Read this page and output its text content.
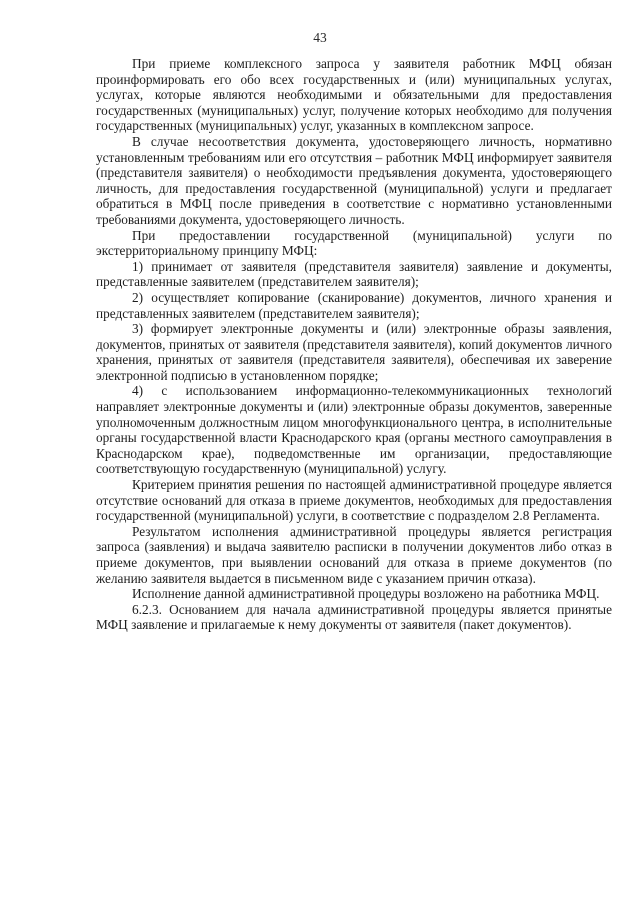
43

При приеме комплексного запроса у заявителя работник МФЦ обязан проинформировать его обо всех государственных и (или) муниципальных услугах, услугах, которые являются необходимыми и обязательными для предоставления государственных (муниципальных) услуг, получение которых необходимо для получения государственных (муниципальных) услуг, указанных в комплексном запросе.

В случае несоответствия документа, удостоверяющего личность, нормативно установленным требованиям или его отсутствия – работник МФЦ информирует заявителя (представителя заявителя) о необходимости предъявления документа, удостоверяющего личность, для предоставления государственной (муниципальной) услуги и предлагает обратиться в МФЦ после приведения в соответствие с нормативно установленными требованиями документа, удостоверяющего личность.

При предоставлении государственной (муниципальной) услуги по экстерриториальному принципу МФЦ:

1) принимает от заявителя (представителя заявителя) заявление и документы, представленные заявителем (представителем заявителя);

2) осуществляет копирование (сканирование) документов, личного хранения и представленных заявителем (представителем заявителя);

3) формирует электронные документы и (или) электронные образы заявления, документов, принятых от заявителя (представителя заявителя), копий документов личного хранения, принятых от заявителя (представителя заявителя), обеспечивая их заверение электронной подписью в установленном порядке;

4) с использованием информационно-телекоммуникационных технологий направляет электронные документы и (или) электронные образы документов, заверенные уполномоченным должностным лицом многофункционального центра, в исполнительные органы государственной власти Краснодарского края (органы местного самоуправления в Краснодарском крае), подведомственные им организации, предоставляющие соответствующую государственную (муниципальной) услугу.

Критерием принятия решения по настоящей административной процедуре является отсутствие оснований для отказа в приеме документов, необходимых для предоставления государственной (муниципальной) услуги, в соответствие с подразделом 2.8 Регламента.

Результатом исполнения административной процедуры является регистрация запроса (заявления) и выдача заявителю расписки в получении документов либо отказ в приеме документов, при выявлении оснований для отказа в приеме документов (по желанию заявителя выдается в письменном виде с указанием причин отказа).

Исполнение данной административной процедуры возложено на работника МФЦ.

6.2.3. Основанием для начала административной процедуры является принятые МФЦ заявление и прилагаемые к нему документы от заявителя (пакет документов).
